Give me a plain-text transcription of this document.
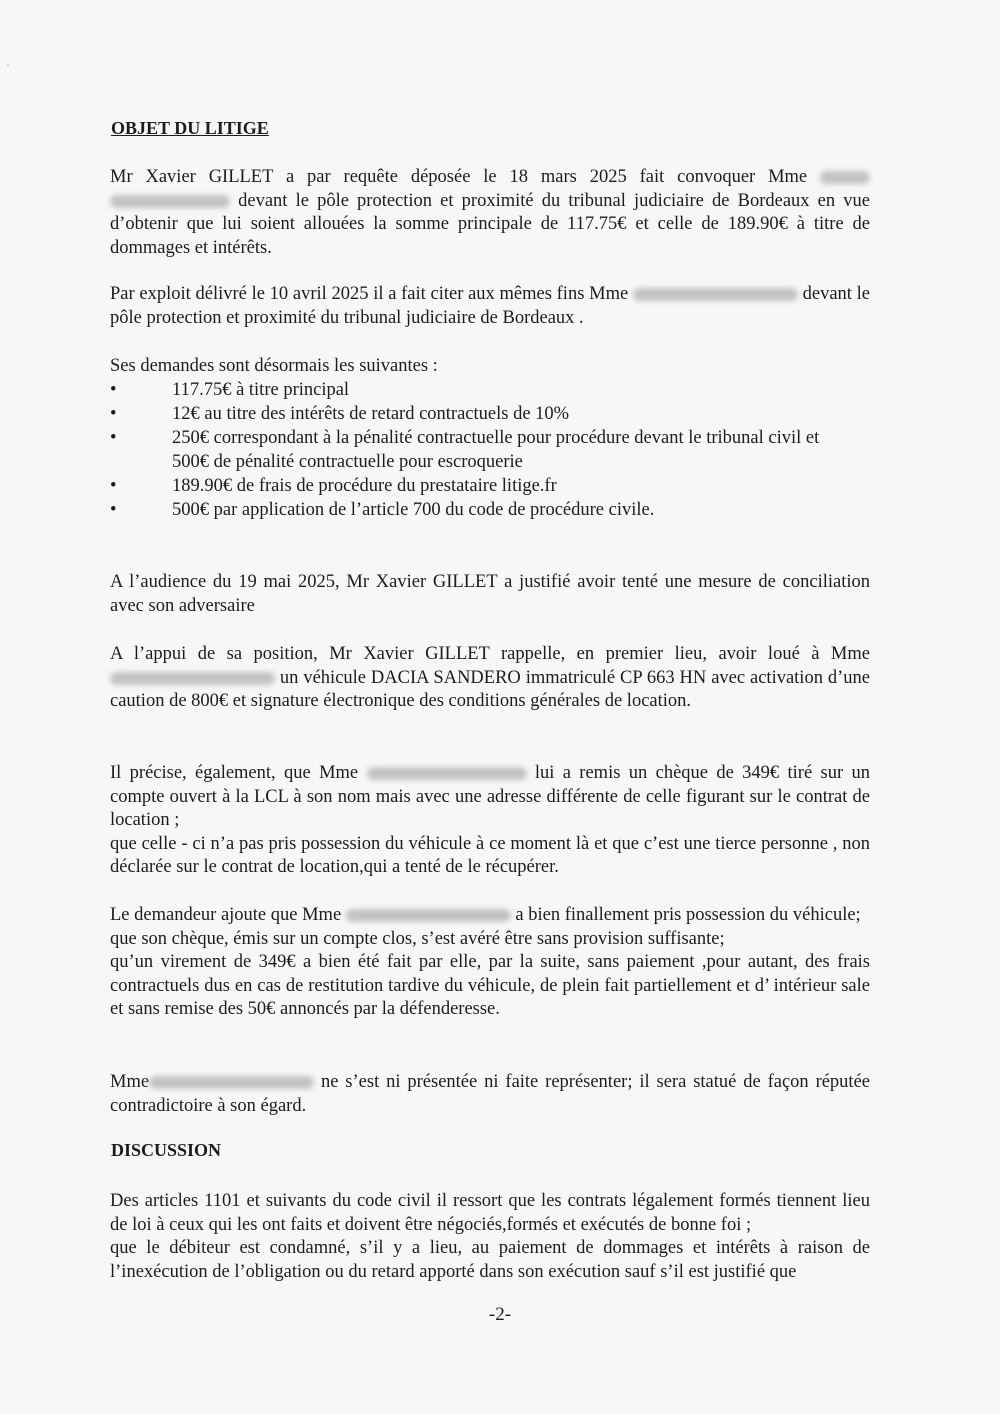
·
OBJET DU LITIGE

Mr Xavier GILLET a par requête déposée le 18 mars 2025 fait convoquer Mme   devant le pôle protection et proximité du tribunal judiciaire de Bordeaux en vue d’obtenir que lui soient allouées la somme principale de 117.75€ et celle de 189.90€ à titre de dommages et intérêts.

Par exploit délivré le 10 avril 2025 il a fait citer aux mêmes fins Mme	devant le pôle protection et proximité du tribunal judiciaire de Bordeaux .

Ses demandes sont désormais les suivantes :

•	117.75€ à titre principal
•	12€ au titre des intérêts de retard contractuels de 10%
•	250€ correspondant à la pénalité contractuelle pour procédure devant le tribunal civil et
500€ de pénalité contractuelle pour escroquerie
•	189.90€ de frais de procédure du prestataire litige.fr
•	500€ par application de l’article 700 du code de procédure civile.

A l’audience du 19 mai 2025, Mr Xavier GILLET a justifié avoir tenté une mesure de conciliation avec son adversaire

A l’appui de sa position, Mr Xavier GILLET rappelle, en premier lieu, avoir loué à Mme  un véhicule DACIA SANDERO immatriculé CP 663 HN avec activation d’une caution de 800€ et signature électronique des conditions générales de location.

Il précise, également, que Mme	lui a remis un chèque de 349€ tiré sur un compte ouvert à la LCL à son nom mais avec une adresse différente de celle figurant sur le contrat de location ;
que celle - ci n’a pas pris possession du véhicule à ce moment là et que c’est une tierce personne , non déclarée sur le contrat de location,qui a tenté de le récupérer.

Le demandeur ajoute que Mme	a bien finallement pris possession du véhicule;
que son chèque, émis sur un compte clos, s’est avéré être sans provision suffisante;
qu’un virement de 349€ a bien été fait par elle, par la suite, sans paiement ,pour autant, des frais contractuels dus en cas de restitution tardive du véhicule, de plein fait partiellement et d’ intérieur sale et sans remise des 50€ annoncés par la défenderesse.

Mme	ne s’est ni présentée ni faite représenter; il sera statué de façon réputée contradictoire à son égard.

DISCUSSION

Des articles 1101 et suivants du code civil il ressort que les contrats légalement formés tiennent lieu de loi à ceux qui les ont faits et doivent être négociés,formés et exécutés de bonne foi ;
que le débiteur est condamné, s’il y a lieu, au paiement de dommages et intérêts à raison de l’inexécution de l’obligation ou du retard apporté dans son exécution sauf s’il est justifié que

-2-
